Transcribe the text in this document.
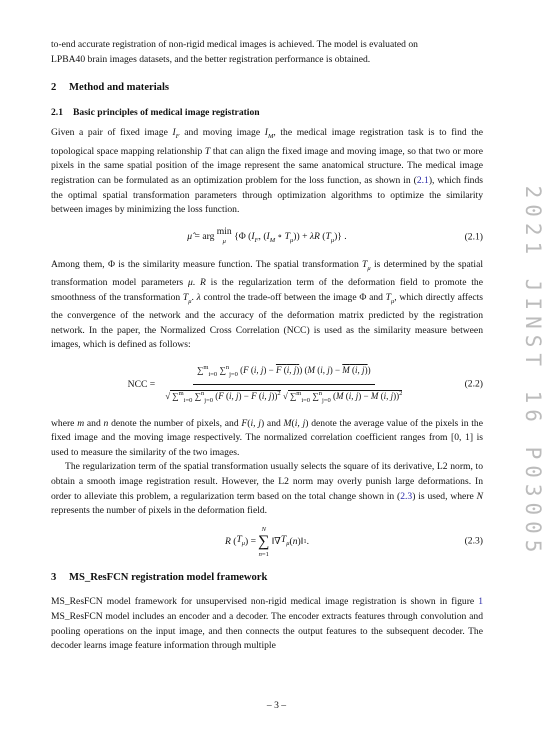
to-end accurate registration of non-rigid medical images is achieved. The model is evaluated on
LPBA40 brain images datasets, and the better registration performance is obtained.

2 Method and materials
2.1 Basic principles of medical image registration

Given a pair of fixed image $I_F$ and moving image $I_M$, the medical image registration task is to find the topological space mapping relationship T that can align the fixed image and moving image, so that two or more pixels in the same spatial position of the image represent the same anatomical structure. The medical image registration can be formulated as an optimization problem for the loss function, as shown in (2.1), which finds the optimal spatial transformation parameters through optimization algorithms to optimize the similarity between images by minimizing the loss function.

μ̂ = arg min
μ {Φ ($I_F$, ($I_M$ ∘ $T_\mu)) + \lambda R$ $(T_\mu)$} .	(2.1)

Among them, Φ is the similarity measure function. The spatial transformation $T_\mu$ is determined by the spatial transformation model parameters μ. R is the regularization term of the deformation field to promote the smoothness of the transformation $T_\mu$. λ control the trade-off between the image Φ and $T_\mu$, which directly affects the convergence of the network and the accuracy of the deformation matrix predicted by the registration network. In the paper, the Normalized Cross Correlation (NCC) is used as the similarity measure between images, which is defined as follows:

NCC =
∑$^m_{i=0}$ ∑$^n_{j=0}$ (F (i, j) − F (i, j)) (M (i, j) − M (i, j))
√ ∑$^m_{i=0}$ ∑$^n_{j=0}$ (F (i, j) − F (i, j))$^2$ √ ∑$^m_{i=0}$ ∑$^n_{j=0}$ (M (i, j) − M (i, j))$^2$
(2.2)

where m and n denote the number of pixels, and F(i, j) and M(i, j) denote the average value of the pixels in the fixed image and the moving image respectively. The normalized correlation coefficient ranges from [0, 1] is used to measure the similarity of the two images.

The regularization term of the spatial transformation usually selects the square of its derivative, L2 norm, to obtain a smooth image registration result. However, the L2 norm may overly punish large deformations. In order to alleviate this problem, a regularization term based on the total change shown in (2.3) is used, where N represents the number of pixels in the deformation field.

R ( $T_\mu$ ) =
N
∑
n=1
‖∇ $T_\mu$ ( n )‖ 1 .	(2.3)
3 MS_ResFCN registration model framework

MS_ResFCN model framework for unsupervised non-rigid medical image registration is shown in figure 1 MS_ResFCN model includes an encoder and a decoder. The encoder extracts features through convolution and pooling operations on the input image, and then connects the output features to the subsequent decoder. The decoder learns image feature information through multiple

2021 JINST 16 P03005
– 3 –
